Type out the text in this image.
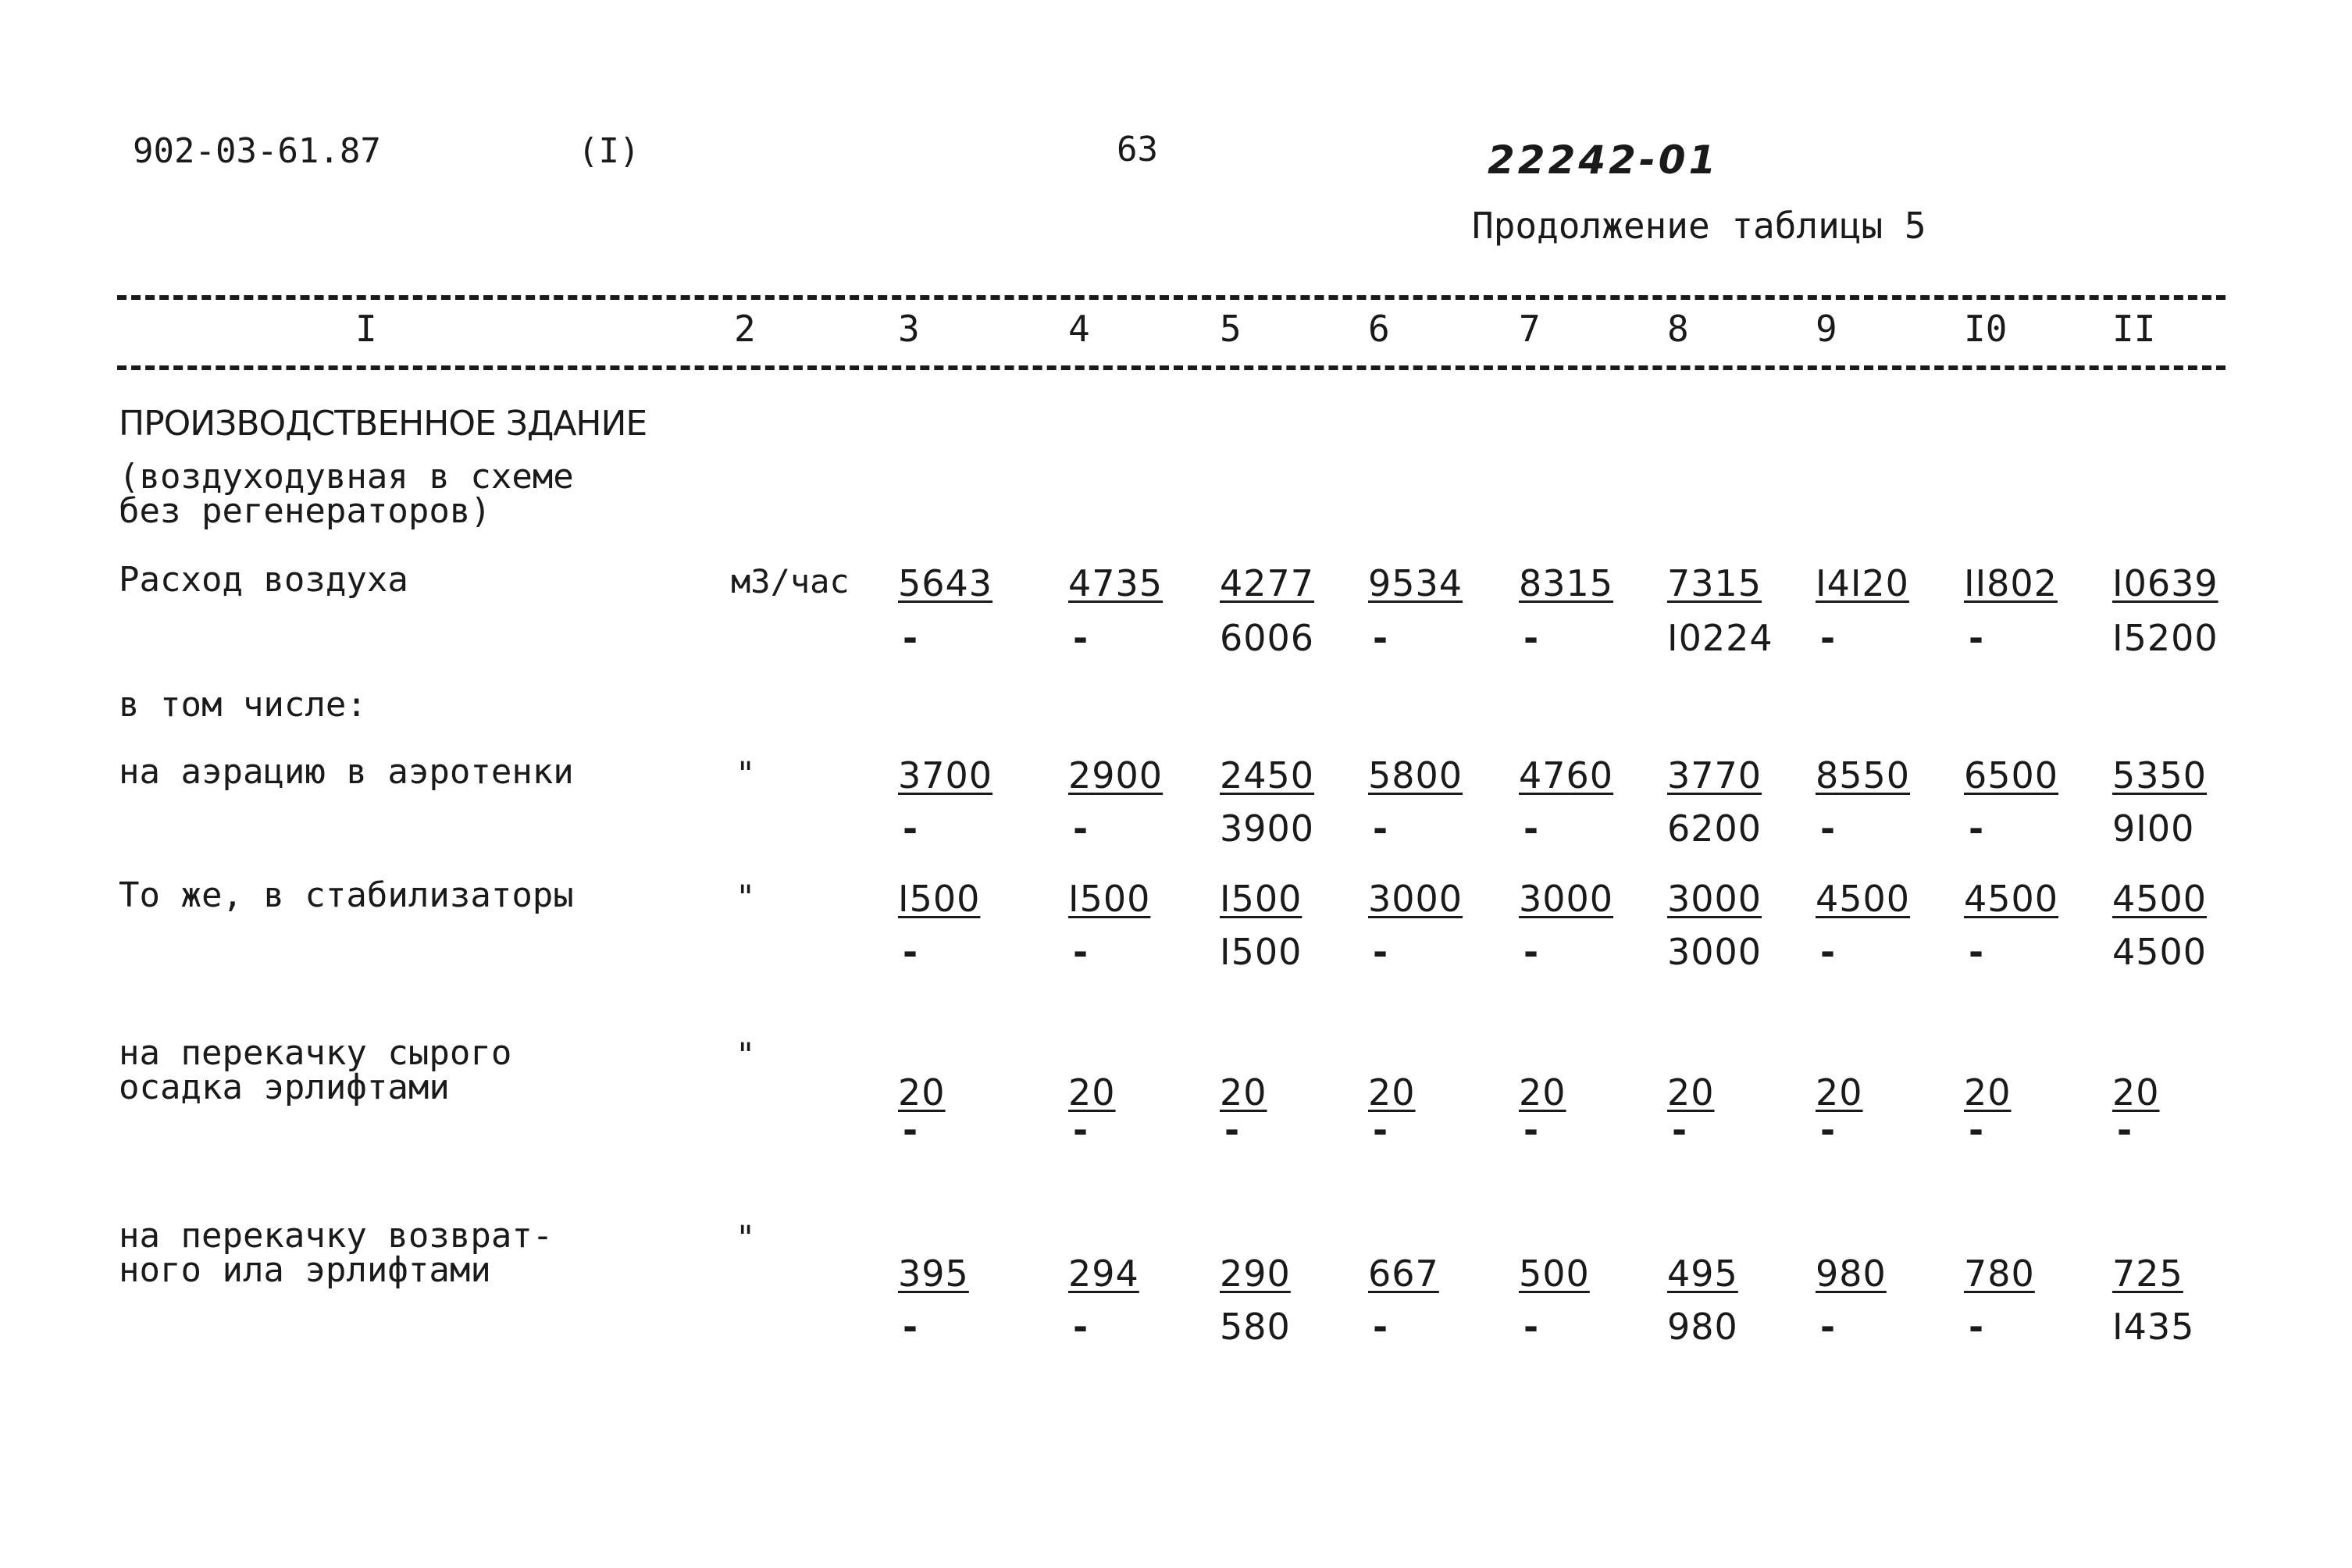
902-03-61.87	(I)	63	22242-01
Продолжение таблицы 5
I	2	3	4	5	6	7	8	9	I0	II
ПРОИЗВОДСТВЕННОЕ ЗДАНИЕ
(воздуходувная в схеме
без регенераторов)
Расход воздуха	м3/час 5643 4735 4277 9534 8315 7315 I4I20 II802 I0639
-	-	6006 -	-	I0224 -	-	I5200
в том числе:
на аэрацию в аэротенки	"	3700 2900 2450 5800 4760 3770 8550 6500 5350
-	-	3900 -	-	6200 -	-	9I00
То же, в стабилизаторы	"	I500 I500 I500 3000 3000 3000 4500 4500 4500
-	-	I500 -	-	3000 -	-	4500
на перекачку сырого
осадка эрлифтами
"
20	20	20	20	20	20	20	20	20
-	-	-	-	-	-	-	-	-
на перекачку возврат-
ного ила эрлифтами
"
395	294 290 667 500 495 980 780 725
-	-	580 -	-	980 -	-	I435
